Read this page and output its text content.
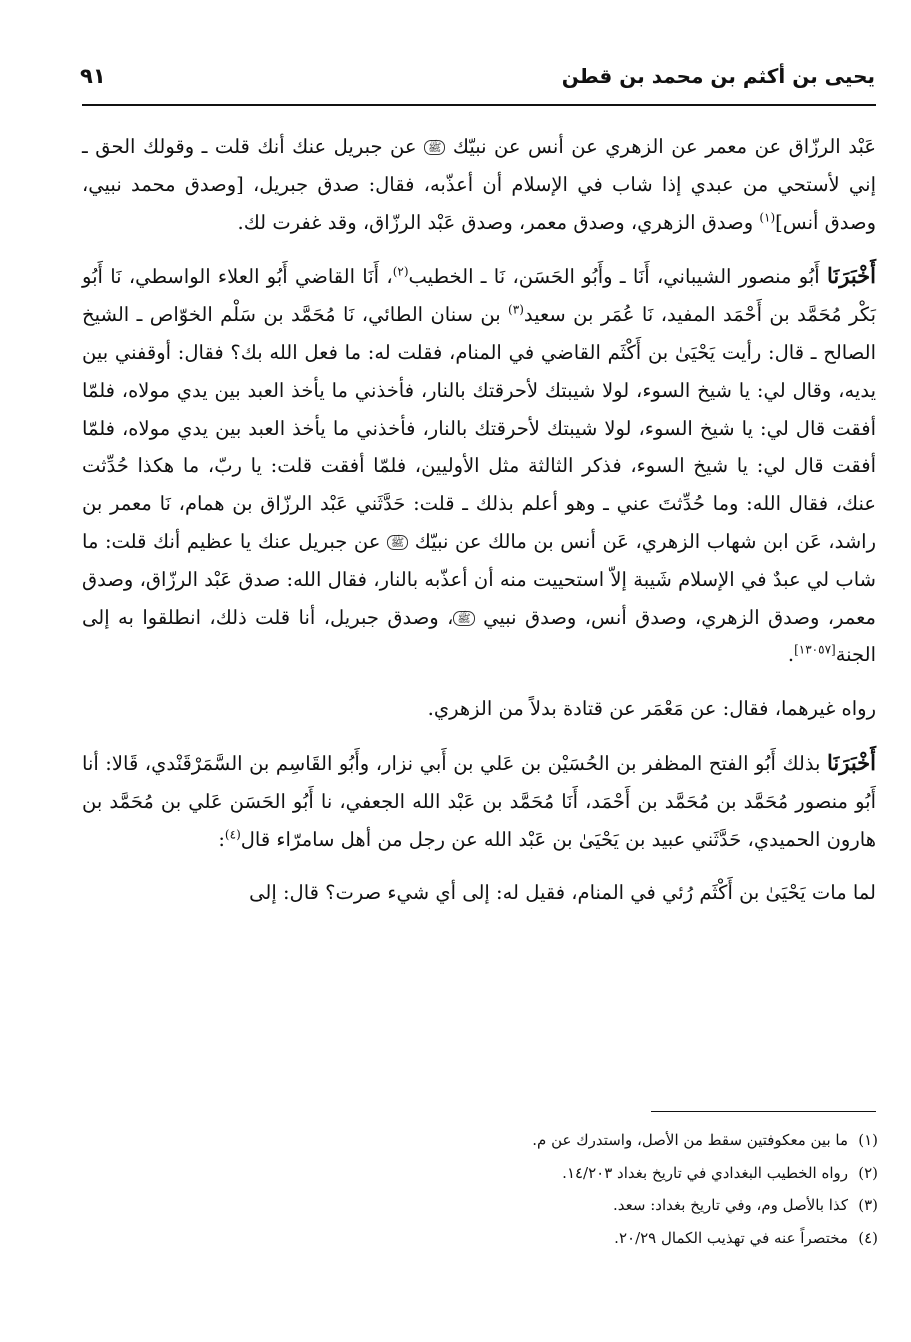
يحيى بن أكثم بن محمد بن قطن
٩١

عَبْد الرزّاق عن معمر عن الزهري عن أنس عن نبيّك ﷺ عن جبريل عنك أنك قلت ـ وقولك الحق ـ إني لأستحي من عبدي إذا شاب في الإسلام أن أعذّبه، فقال: صدق جبريل، [وصدق محمد نبيي، وصدق أنس]$^{(١)}$ وصدق الزهري، وصدق معمر، وصدق عَبْد الرزّاق، وقد غفرت لك.

أَخْبَرَنَا أَبُو منصور الشيباني، أَنَا ـ وأَبُو الحَسَن، نَا ـ الخطيب$^{(٢)}$، أَنَا القاضي أَبُو العلاء الواسطي، نَا أَبُو بَكْر مُحَمَّد بن أَحْمَد المفيد، نَا عُمَر بن سعيد$^{(٣)}$ بن سنان الطائي، نَا مُحَمَّد بن سَلْم الخوّاص ـ الشيخ الصالح ـ قال: رأيت يَحْيَىٰ بن أَكْثَم القاضي في المنام، فقلت له: ما فعل الله بك؟ فقال: أوقفني بين يديه، وقال لي: يا شيخ السوء، لولا شيبتك لأحرقتك بالنار، فأخذني ما يأخذ العبد بين يدي مولاه، فلمّا أفقت قال لي: يا شيخ السوء، لولا شيبتك لأحرقتك بالنار، فأخذني ما يأخذ العبد بين يدي مولاه، فلمّا أفقت قال لي: يا شيخ السوء، فذكر الثالثة مثل الأوليين، فلمّا أفقت قلت: يا ربّ، ما هكذا حُدِّثت عنك، فقال الله: وما حُدِّثتَ عني ـ وهو أعلم بذلك ـ قلت: حَدَّثَني عَبْد الرزّاق بن همام، نَا معمر بن راشد، عَن ابن شهاب الزهري، عَن أنس بن مالك عن نبيّك ﷺ عن جبريل عنك يا عظيم أنك قلت: ما شاب لي عبدٌ في الإسلام شَيبة إلاّ استحييت منه أن أعذّبه بالنار، فقال الله: صدق عَبْد الرزّاق، وصدق معمر، وصدق الزهري، وصدق أنس، وصدق نبيي ﷺ، وصدق جبريل، أنا قلت ذلك، انطلقوا به إلى الجنة[١٣٠٥٧].

رواه غيرهما، فقال: عن مَعْمَر عن قتادة بدلاً من الزهري.

أَخْبَرَنَا بذلك أَبُو الفتح المظفر بن الحُسَيْن بن عَلي بن أَبي نزار، وأَبُو القَاسِم بن السَّمَرْقَنْدي، قَالا: أنا أَبُو منصور مُحَمَّد بن مُحَمَّد بن أَحْمَد، أَنَا مُحَمَّد بن عَبْد الله الجعفي، نا أَبُو الحَسَن عَلي بن مُحَمَّد بن هارون الحميدي، حَدَّثَني عبيد بن يَحْيَىٰ بن عَبْد الله عن رجل من أهل سامرّاء قال$^{(٤)}$:

لما مات يَحْيَىٰ بن أَكْثَم رُئي في المنام، فقيل له: إلى أي شيء صرت؟ قال: إلى

(١)ما بين معكوفتين سقط من الأصل، واستدرك عن م.

(٢)رواه الخطيب البغدادي في تاريخ بغداد ١٤/٢٠٣.

(٣)كذا بالأصل وم، وفي تاريخ بغداد: سعد.

(٤)مختصراً عنه في تهذيب الكمال ٢٠/٢٩.
